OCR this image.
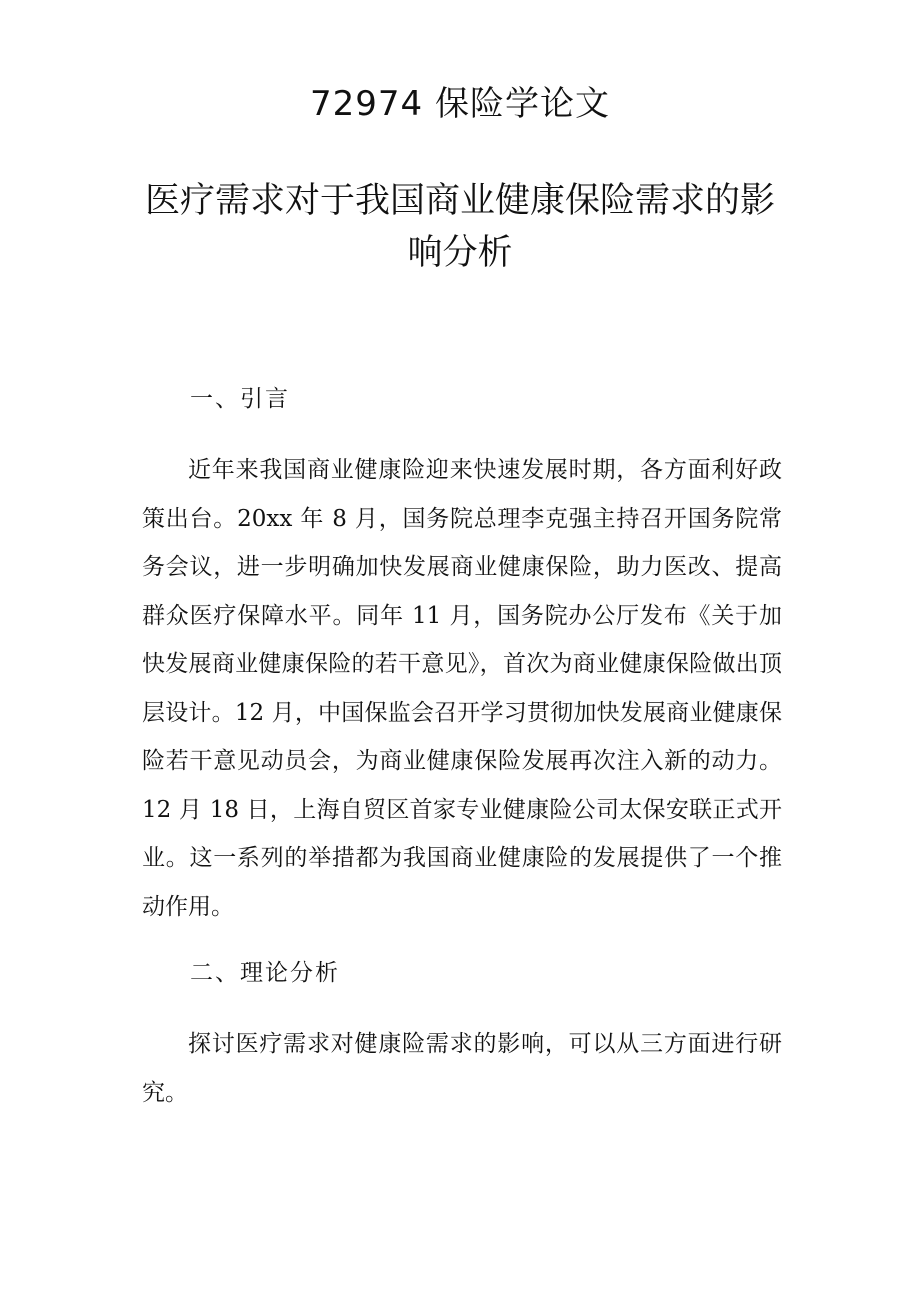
72974 保险学论文
医疗需求对于我国商业健康保险需求的影响分析
一、引言

近年来我国商业健康险迎来快速发展时期，各方面利好政策出台。20xx 年 8 月，国务院总理李克强主持召开国务院常务会议，进一步明确加快发展商业健康保险，助力医改、提高群众医疗保障水平。同年 11 月，国务院办公厅发布《关于加快发展商业健康保险的若干意见》，首次为商业健康保险做出顶层设计。12 月，中国保监会召开学习贯彻加快发展商业健康保险若干意见动员会，为商业健康保险发展再次注入新的动力。12 月 18 日，上海自贸区首家专业健康险公司太保安联正式开业。这一系列的举措都为我国商业健康险的发展提供了一个推动作用。

二、理论分析

探讨医疗需求对健康险需求的影响，可以从三方面进行研究。
